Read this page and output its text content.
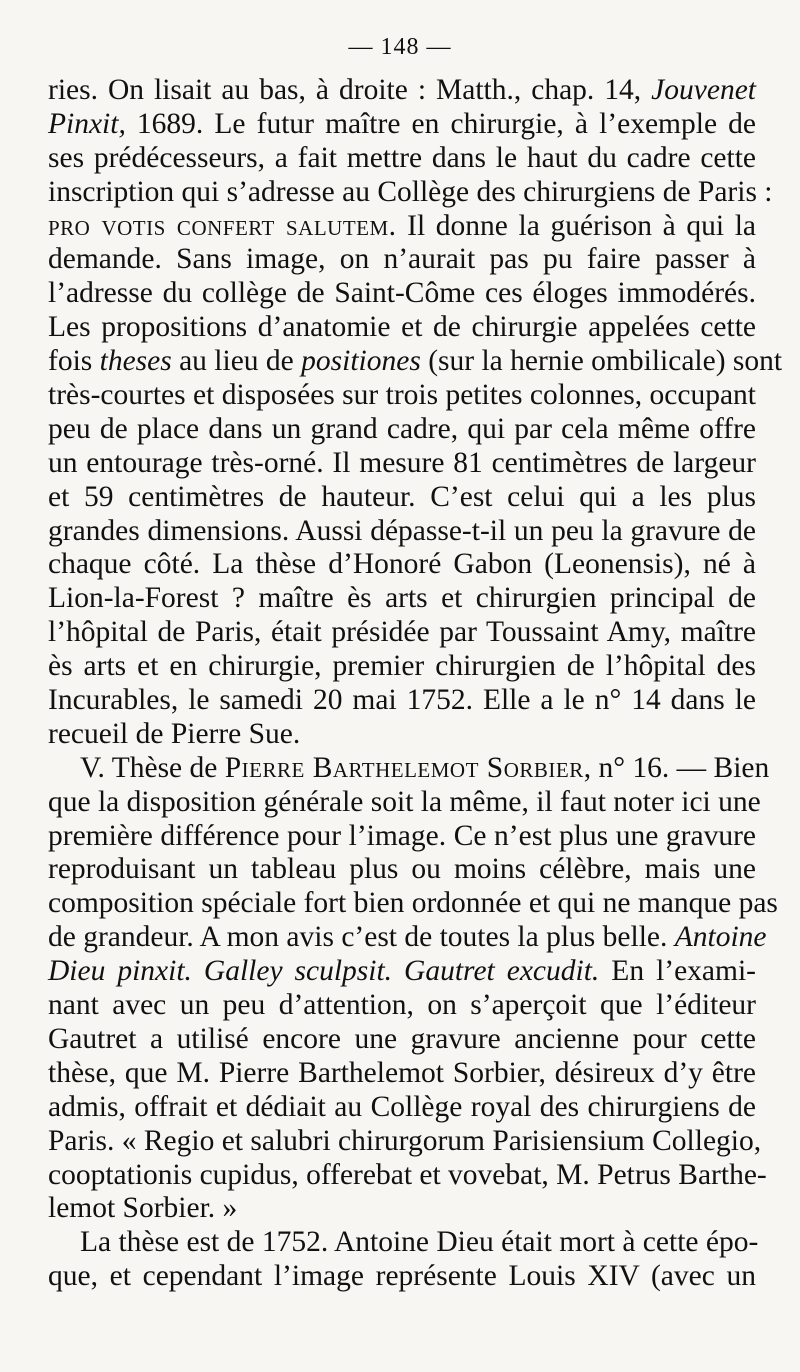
— 148 —
ries. On lisait au bas, à droite : Matth., chap. 14, Jouvenet
Pinxit, 1689. Le futur maître en chirurgie, à l’exemple de
ses prédécesseurs, a fait mettre dans le haut du cadre cette
inscription qui s’adresse au Collège des chirurgiens de Paris :
pro votis confert salutem. Il donne la guérison à qui la
demande. Sans image, on n’aurait pas pu faire passer à
l’adresse du collège de Saint-Côme ces éloges immodérés.
Les propositions d’anatomie et de chirurgie appelées cette
fois theses au lieu de positiones (sur la hernie ombilicale) sont
très-courtes et disposées sur trois petites colonnes, occupant
peu de place dans un grand cadre, qui par cela même offre
un entourage très-orné. Il mesure 81 centimètres de largeur
et 59 centimètres de hauteur. C’est celui qui a les plus
grandes dimensions. Aussi dépasse-t-il un peu la gravure de
chaque côté. La thèse d’Honoré Gabon (Leonensis), né à
Lion-la-Forest ? maître ès arts et chirurgien principal de
l’hôpital de Paris, était présidée par Toussaint Amy, maître
ès arts et en chirurgie, premier chirurgien de l’hôpital des
Incurables, le samedi 20 mai 1752. Elle a le n° 14 dans le
recueil de Pierre Sue.
V. Thèse de Pierre Barthelemot Sorbier, n° 16. — Bien
que la disposition générale soit la même, il faut noter ici une
première différence pour l’image. Ce n’est plus une gravure
reproduisant un tableau plus ou moins célèbre, mais une
composition spéciale fort bien ordonnée et qui ne manque pas
de grandeur. A mon avis c’est de toutes la plus belle. Antoine
Dieu pinxit. Galley sculpsit. Gautret excudit. En l’exami-
nant avec un peu d’attention, on s’aperçoit que l’éditeur
Gautret a utilisé encore une gravure ancienne pour cette
thèse, que M. Pierre Barthelemot Sorbier, désireux d’y être
admis, offrait et dédiait au Collège royal des chirurgiens de
Paris. « Regio et salubri chirurgorum Parisiensium Collegio,
cooptationis cupidus, offerebat et vovebat, M. Petrus Barthe-
lemot Sorbier. »
La thèse est de 1752. Antoine Dieu était mort à cette épo-
que, et cependant l’image représente Louis XIV (avec un
